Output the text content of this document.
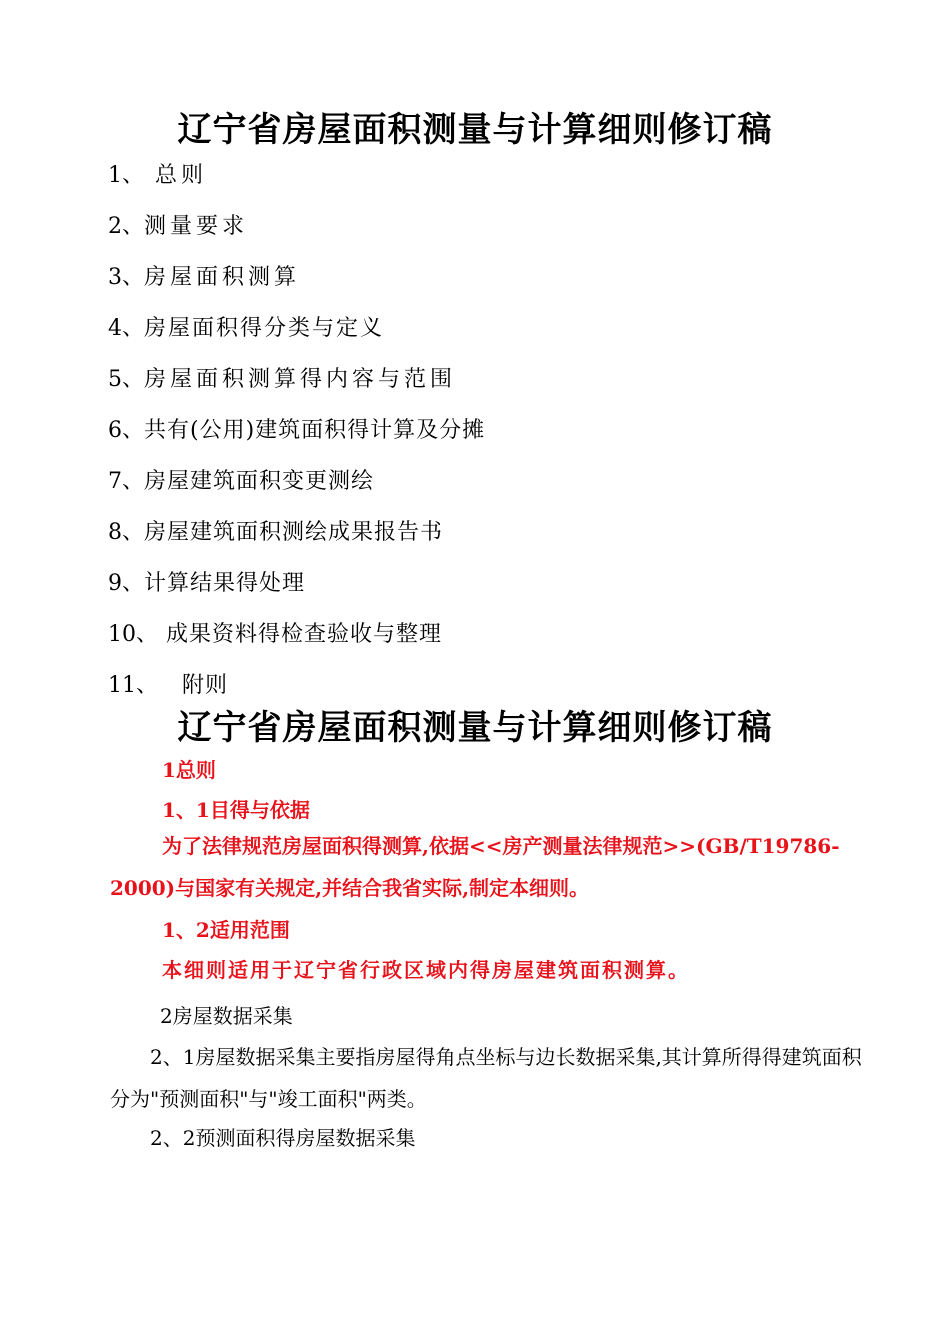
辽宁省房屋面积测量与计算细则修订稿
1、 总则
2、测量要求
3、房屋面积测算
4、房屋面积得分类与定义
5、房屋面积测算得内容与范围
6、共有(公用)建筑面积得计算及分摊
7、房屋建筑面积变更测绘
8、房屋建筑面积测绘成果报告书
9、计算结果得处理
10、 成果资料得检查验收与整理
11、 附则
辽宁省房屋面积测量与计算细则修订稿
1总则
1、1目得与依据
为了法律规范房屋面积得测算,依据<<房产测量法律规范>>(GB/T19786-2000)与国家有关规定,并结合我省实际,制定本细则。
1、2适用范围
本细则适用于辽宁省行政区域内得房屋建筑面积测算。
2房屋数据采集
2、1房屋数据采集主要指房屋得角点坐标与边长数据采集,其计算所得得建筑面积分为"预测面积"与"竣工面积"两类。
2、2预测面积得房屋数据采集
